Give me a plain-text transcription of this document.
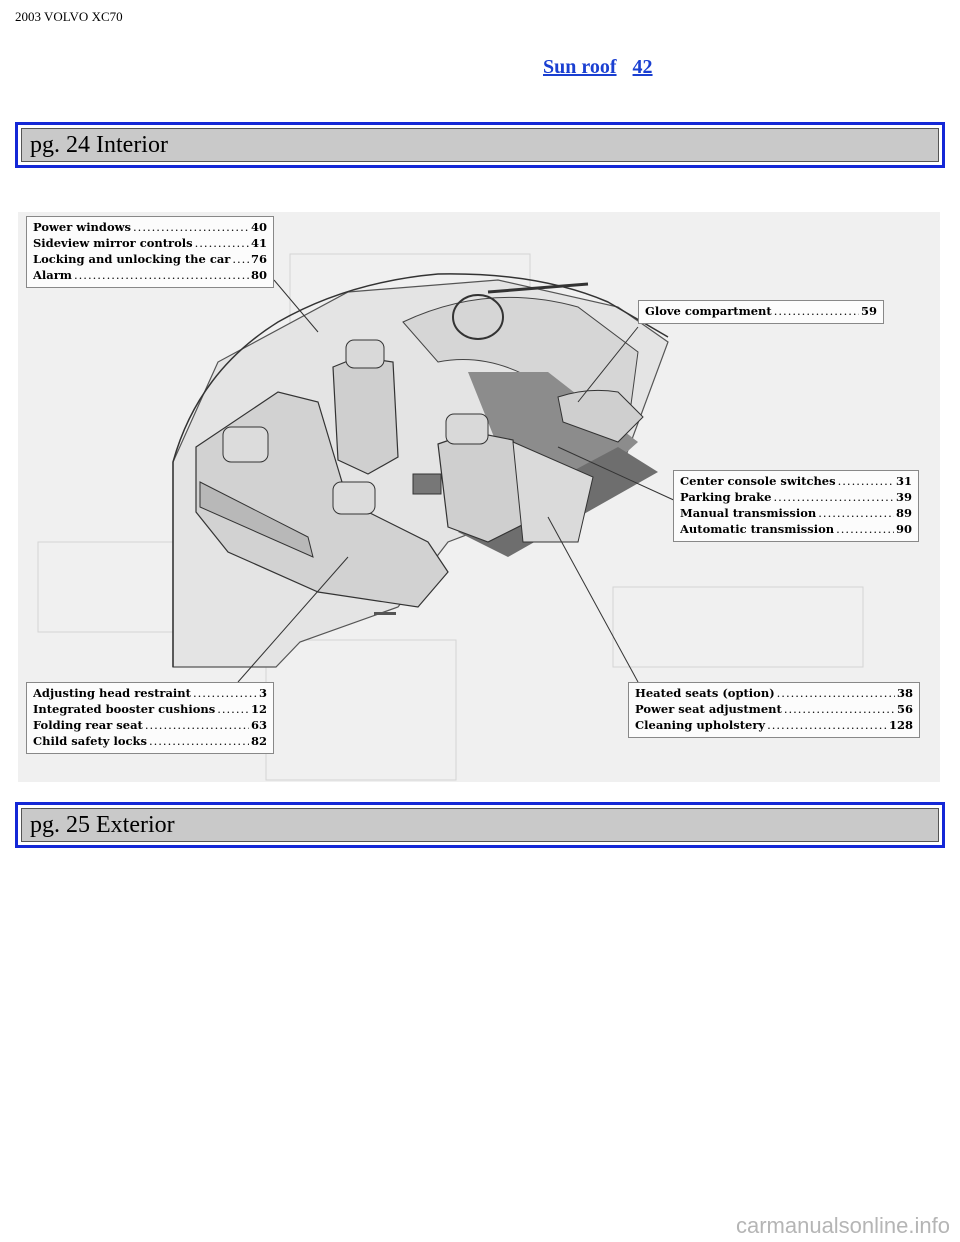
2003 VOLVO XC70
Sun roof 42
pg. 24 Interior
Power windows .....	40
Sideview mirror controls .....	41
Locking and unlocking the car ..... 76
Alarm .....	80
Glove compartment .....	59
Center console switches .....	31
Parking brake .....	39
Manual transmission .....	89
Automatic transmission .....	90
Adjusting head restraint .....	3
Integrated booster cushions .....	12
Folding rear seat .....	63
Child safety locks .....	82
Heated seats (option) .....	38
Power seat adjustment .....	56
Cleaning upholstery .....	128
pg. 25 Exterior
carmanualsonline.info
